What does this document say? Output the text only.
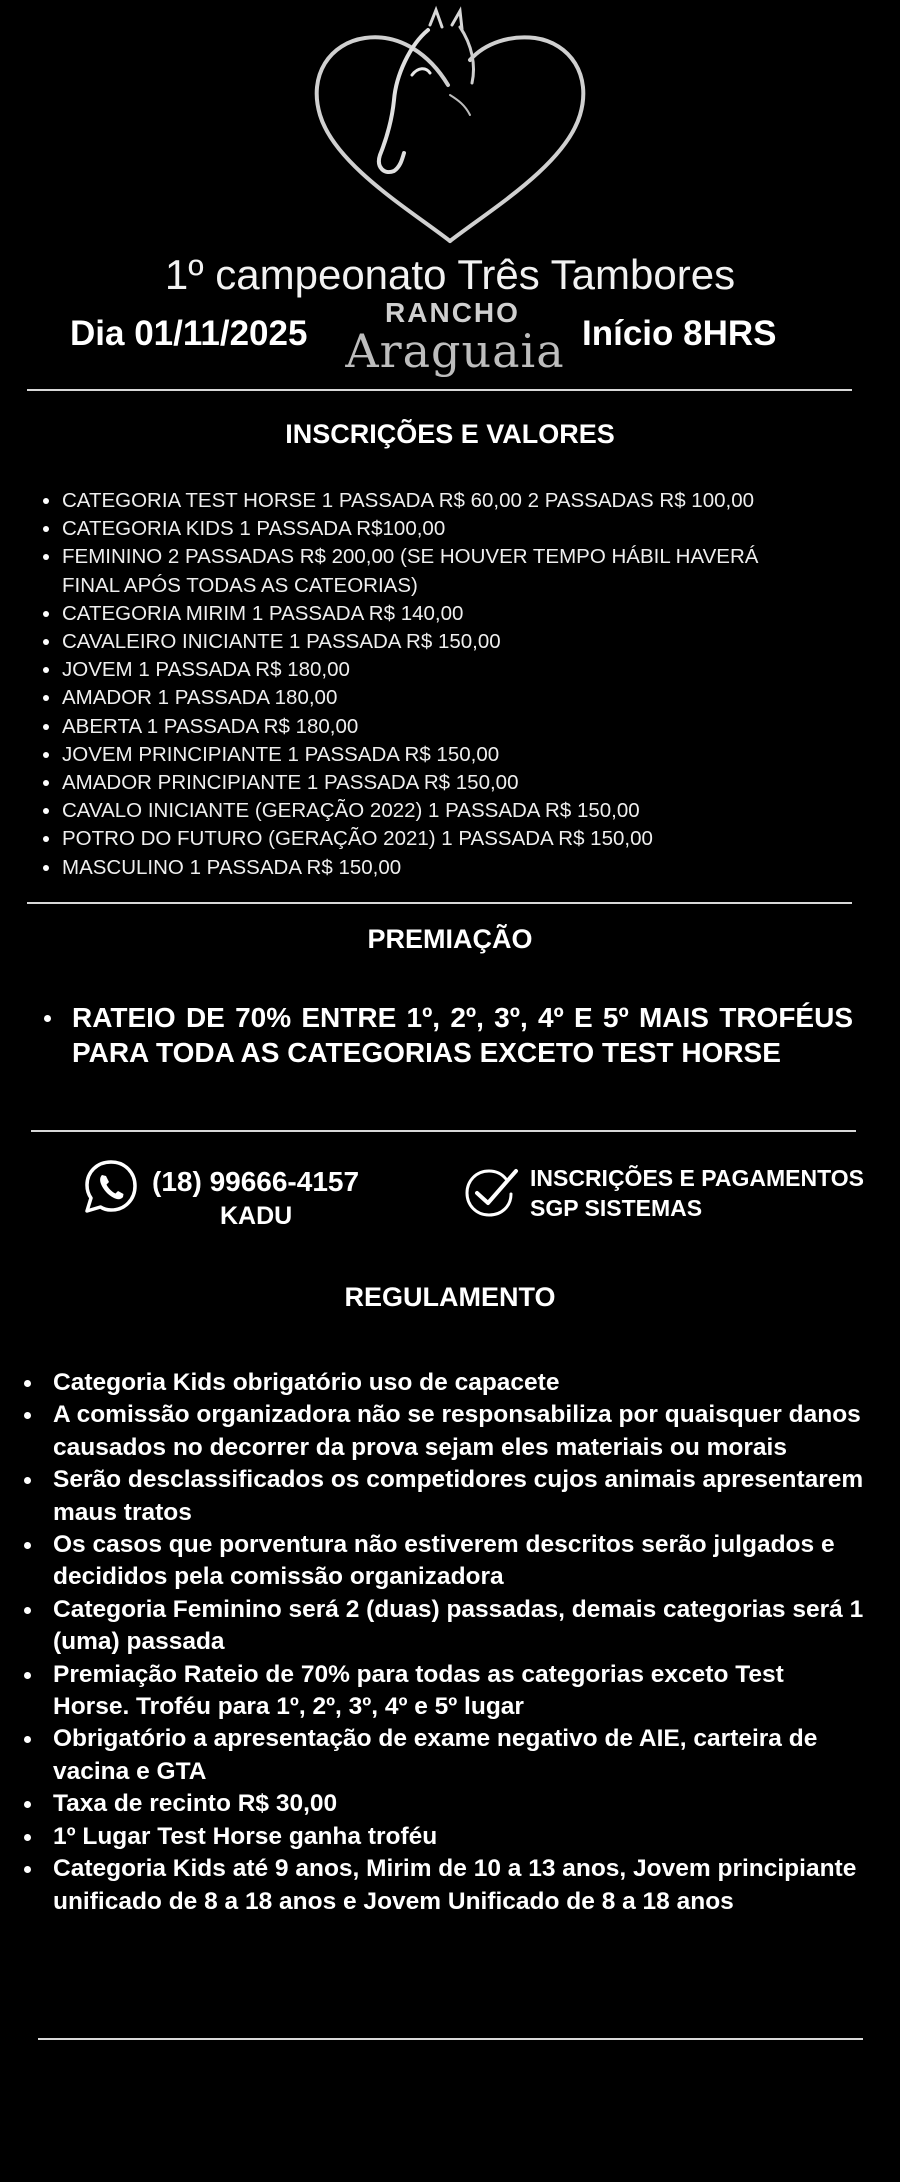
1º campeonato Três Tambores
Dia 01/11/2025	Início 8HRS
RANCHO
Araguaia
INSCRIÇÕES E VALORES
CATEGORIA TEST HORSE 1 PASSADA R$ 60,00 2 PASSADAS R$ 100,00
CATEGORIA KIDS 1 PASSADA R$100,00
FEMININO 2 PASSADAS R$ 200,00 (SE HOUVER TEMPO HÁBIL HAVERÁ FINAL APÓS TODAS AS CATEORIAS)
CATEGORIA MIRIM 1 PASSADA R$ 140,00
CAVALEIRO INICIANTE 1 PASSADA R$ 150,00
JOVEM 1 PASSADA R$ 180,00
AMADOR 1 PASSADA 180,00
ABERTA 1 PASSADA R$ 180,00
JOVEM PRINCIPIANTE 1 PASSADA R$ 150,00
AMADOR PRINCIPIANTE 1 PASSADA R$ 150,00
CAVALO INICIANTE (GERAÇÃO 2022) 1 PASSADA R$ 150,00
POTRO DO FUTURO (GERAÇÃO 2021) 1 PASSADA R$ 150,00
MASCULINO 1 PASSADA R$ 150,00
PREMIAÇÃO
RATEIO DE 70% ENTRE 1º, 2º, 3º, 4º E 5º MAIS TROFÉUS PARA TODA AS CATEGORIAS EXCETO TEST HORSE
(18) 99666-4157
KADU
INSCRIÇÕES E PAGAMENTOS
SGP SISTEMAS
REGULAMENTO
Categoria Kids obrigatório uso de capacete
A comissão organizadora não se responsabiliza por quaisquer danos causados no decorrer da prova sejam eles materiais ou morais
Serão desclassificados os competidores cujos animais apresentarem maus tratos
Os casos que porventura não estiverem descritos serão julgados e decididos pela comissão organizadora
Categoria Feminino será 2 (duas) passadas, demais categorias será 1 (uma) passada
Premiação Rateio de 70% para todas as categorias exceto Test Horse. Troféu para 1º, 2º, 3º, 4º e 5º lugar
Obrigatório a apresentação de exame negativo de AIE, carteira de vacina e GTA
Taxa de recinto R$ 30,00
1º Lugar Test Horse ganha troféu
Categoria Kids até 9 anos, Mirim de 10 a 13 anos, Jovem principiante unificado de 8 a 18 anos e Jovem Unificado de 8 a 18 anos
